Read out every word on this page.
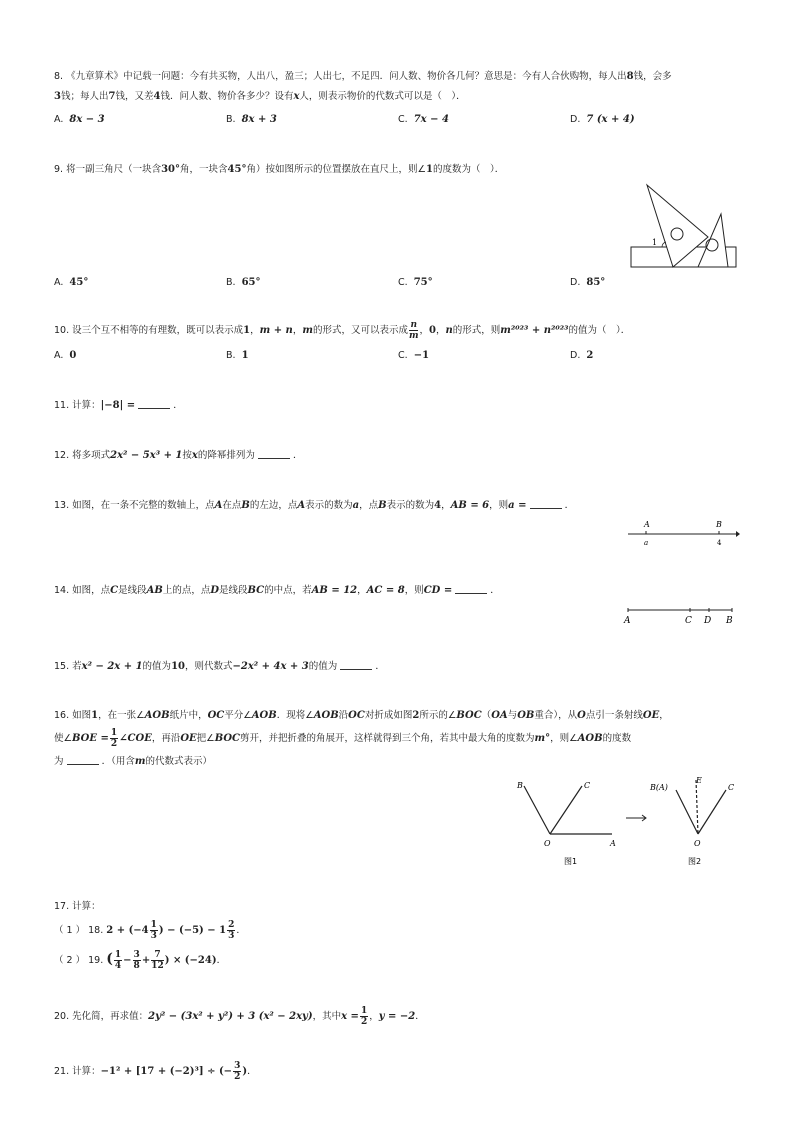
8. 《九章算术》中记载一问题：今有共买物，人出八，盈三；人出七，不足四．问人数、物价各几何？意思是：今有人合伙购物，每人出8钱，会多
3钱；每人出7钱，又差4钱．问人数、物价各多少？设有x人，则表示物价的代数式可以是（　）．
A. 8x − 3	B. 8x + 3	C. 7x − 4	D. 7 (x + 4)
9. 将一副三角尺（一块含30°角，一块含45°角）按如图所示的位置摆放在直尺上，则∠1的度数为（　）．
1
A. 45°	B. 65°	C. 75°	D. 85°
10. 设三个互不相等的有理数，既可以表示成1，m + n，m的形式，又可以表示成 $\frac{n}{m}$ ，0，n的形式，则m²⁰²³ + n²⁰²³的值为（　）．
A. 0	B. 1	C. −1	D. 2
11. 计算：|−8| =	．
12. 将多项式2x² − 5x³ + 1按x的降幂排列为	．
13. 如图，在一条不完整的数轴上，点A在点B的左边，点A表示的数为a，点B表示的数为4，AB = 6，则a =	．
A	B
a	4
14. 如图，点C是线段AB上的点，点D是线段BC的中点，若AB = 12，AC = 8，则CD =	．
A	C D B
15. 若x² − 2x + 1的值为10，则代数式−2x² + 4x + 3的值为	．
16. 如图1，在一张∠AOB纸片中，OC平分∠AOB．现将∠AOB沿OC对折成如图2所示的∠BOC（OA与OB重合），从O点引一条射线OE，
使∠BOE = $\frac{1}{2}$ ∠COE，再沿OE把∠BOC剪开，并把折叠的角展开，这样就得到三个角，若其中最大角的度数为m°，则∠AOB的度数
为	．（用含m的代数式表示）
B	C
O	A
图1
B(A)
E
C
O
图2
17. 计算：
（ 1 ） 18. $2 + (-4 \frac{1}{3}$ ) − $(-5) - 1 \frac{2}{3}$ ．
（ 2 ） 19. ( $\frac{1}{4} - \frac{3}{8} + \frac{7}{12}$ ) × (−24)．
20. 先化简，再求值：2y² − (3x² + y²) + 3 (x² − 2xy)，其中$x = \frac{1}{2}$ ，y = −2．
21. 计算：−1² + [17 + (−2)³] ÷ (− $\frac{3}{2}$ )．
